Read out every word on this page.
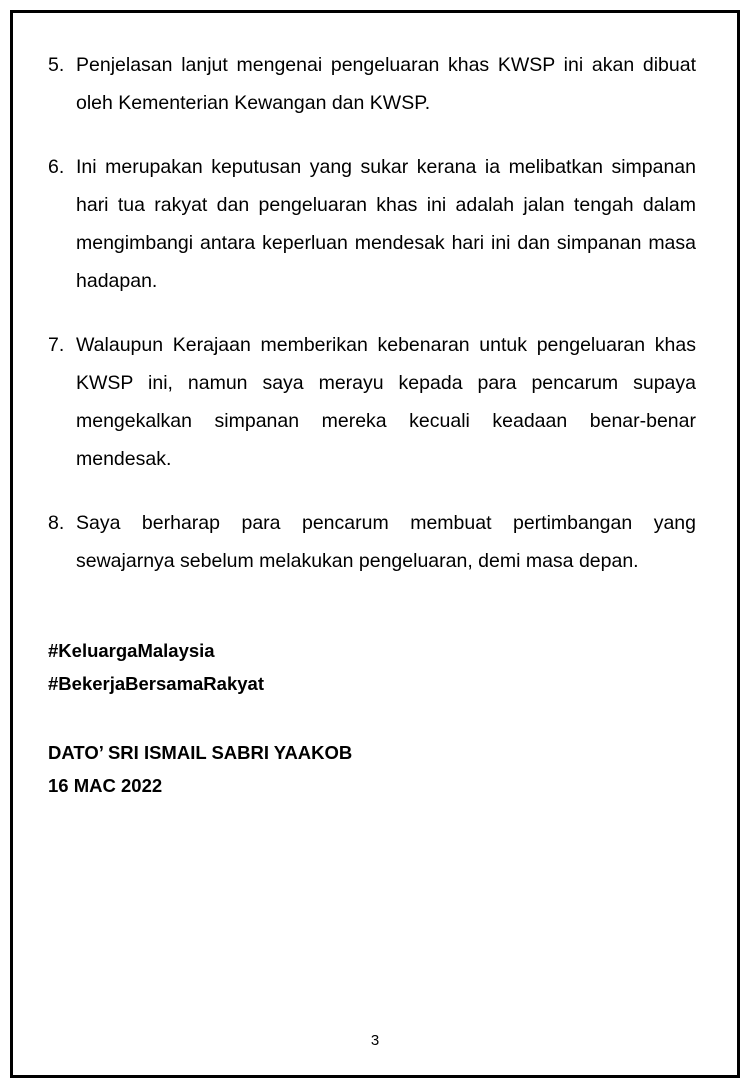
5. Penjelasan lanjut mengenai pengeluaran khas KWSP ini akan dibuat oleh Kementerian Kewangan dan KWSP.
6. Ini merupakan keputusan yang sukar kerana ia melibatkan simpanan hari tua rakyat dan pengeluaran khas ini adalah jalan tengah dalam mengimbangi antara keperluan mendesak hari ini dan simpanan masa hadapan.
7. Walaupun Kerajaan memberikan kebenaran untuk pengeluaran khas KWSP ini, namun saya merayu kepada para pencarum supaya mengekalkan simpanan mereka kecuali keadaan benar-benar mendesak.
8. Saya berharap para pencarum membuat pertimbangan yang sewajarnya sebelum melakukan pengeluaran, demi masa depan.
#KeluargaMalaysia
#BekerjaBersamaRakyat
DATO’ SRI ISMAIL SABRI YAAKOB
16 MAC 2022
3
